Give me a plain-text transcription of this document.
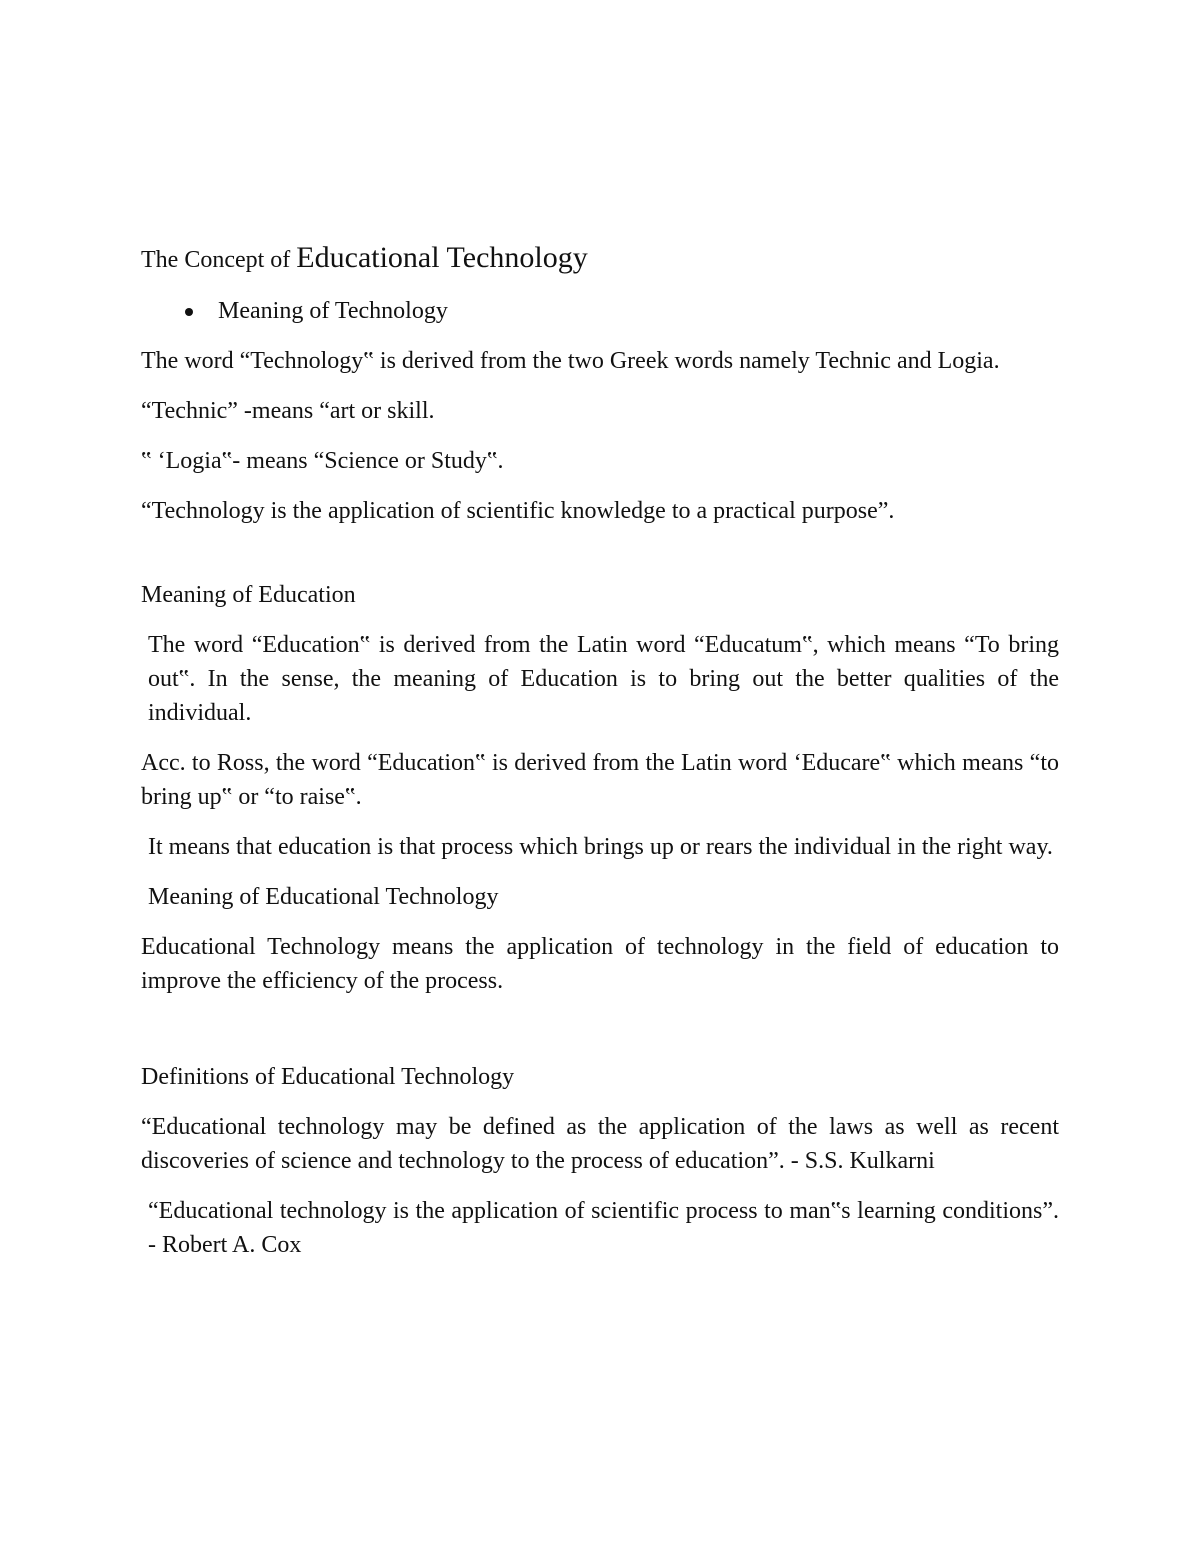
The Concept of Educational Technology

Meaning of Technology

The word “Technology‟ is derived from the two Greek words namely Technic and Logia.

“Technic” -means “art or skill.

‟ ‘Logia‟- means “Science or Study‟.

“Technology is the application of scientific knowledge to a practical purpose”.

Meaning of Education

The word “Education‟ is derived from the Latin word “Educatum‟, which means “To bring out‟. In the sense, the meaning of Education is to bring out the better qualities of the individual.

Acc. to Ross, the word “Education‟ is derived from the Latin word ‘Educare‟ which means “to bring up‟ or “to raise‟.

It means that education is that process which brings up or rears the individual in the right way.

Meaning of Educational Technology

Educational Technology means the application of technology in the field of education to improve the efficiency of the process.

Definitions of Educational Technology

“Educational technology may be defined as the application of the laws as well as recent discoveries of science and technology to the process of education”. - S.S. Kulkarni

“Educational technology is the application of scientific process to man‟s learning conditions”. - Robert A. Cox
